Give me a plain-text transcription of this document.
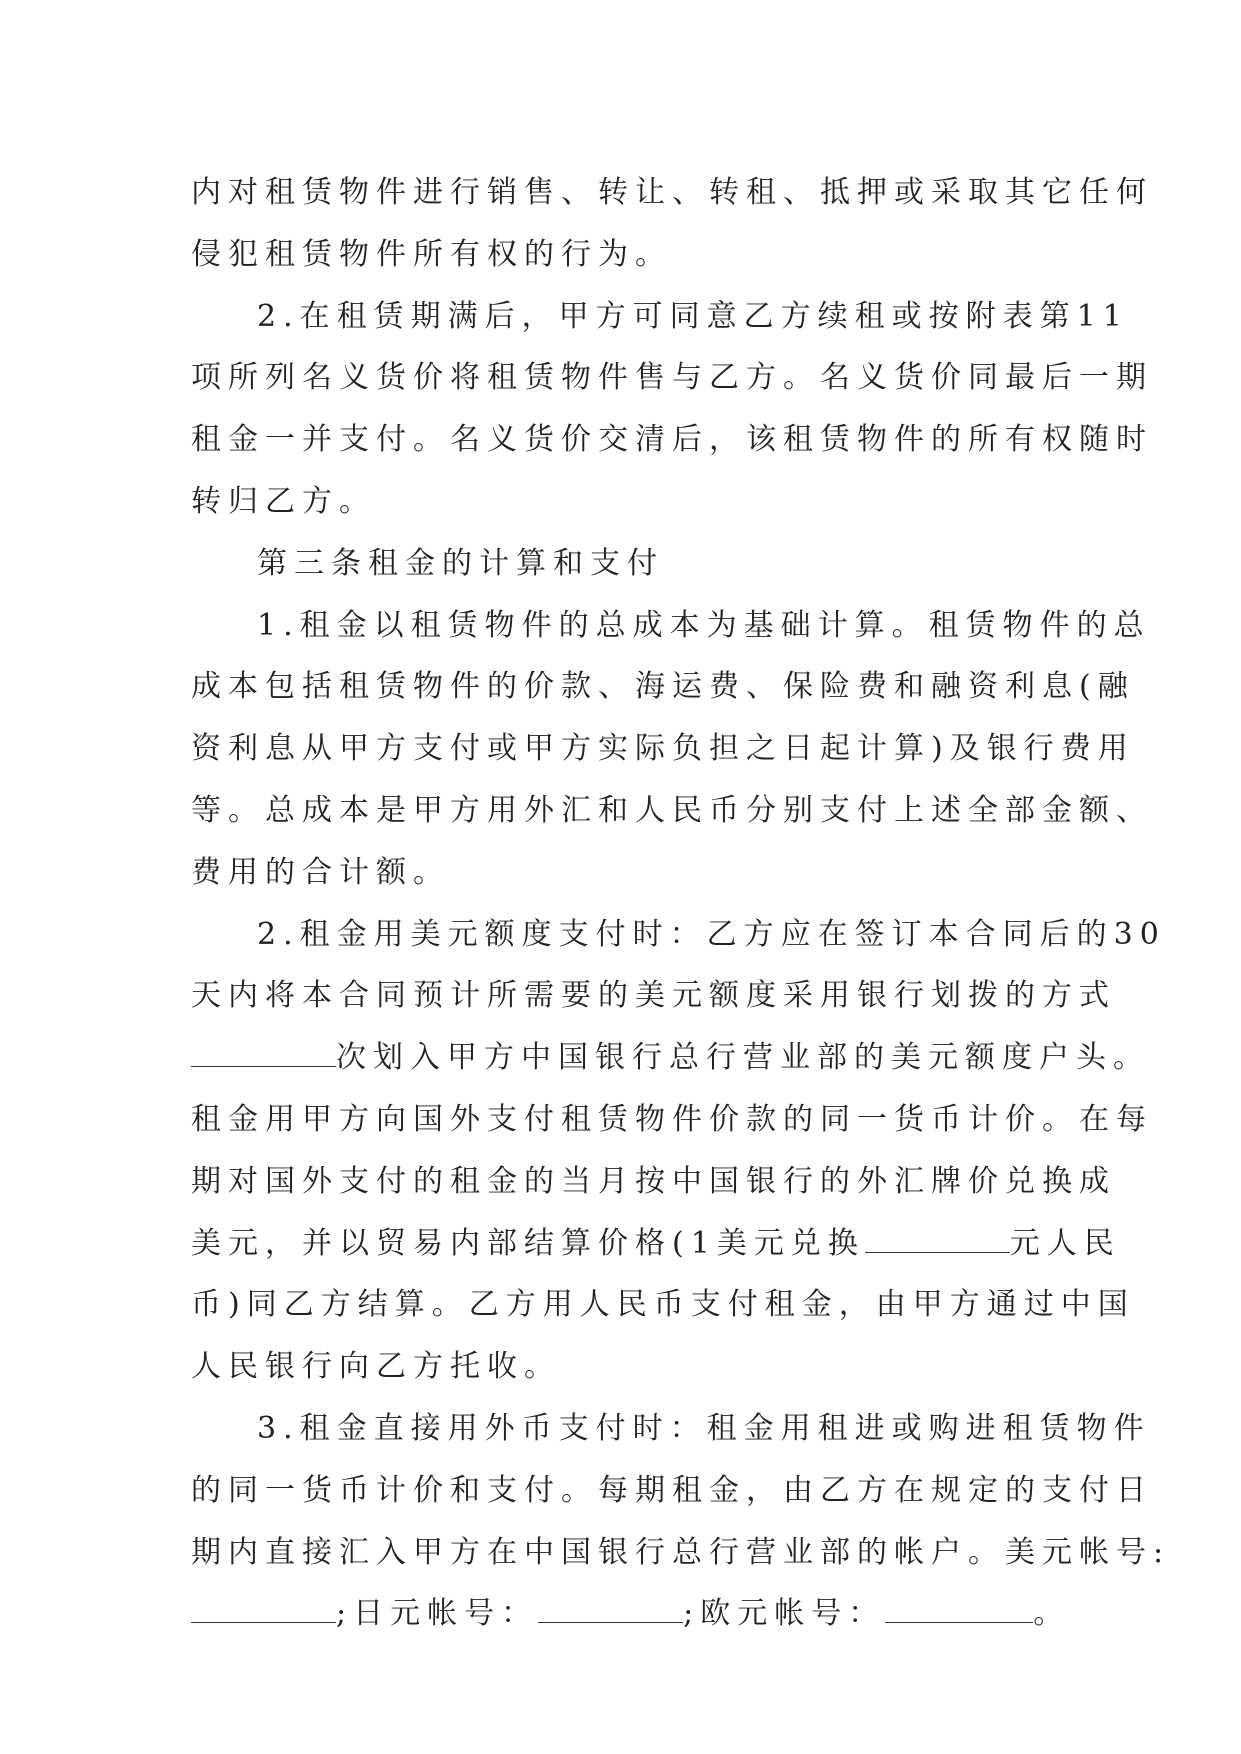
内对租赁物件进行销售、转让、转租、抵押或采取其它任何
侵犯租赁物件所有权的行为。
2.在租赁期满后，甲方可同意乙方续租或按附表第11
项所列名义货价将租赁物件售与乙方。名义货价同最后一期
租金一并支付。名义货价交清后，该租赁物件的所有权随时
转归乙方。
第三条租金的计算和支付
1.租金以租赁物件的总成本为基础计算。租赁物件的总
成本包括租赁物件的价款、海运费、保险费和融资利息(融
资利息从甲方支付或甲方实际负担之日起计算)及银行费用
等。总成本是甲方用外汇和人民币分别支付上述全部金额、
费用的合计额。
2.租金用美元额度支付时：乙方应在签订本合同后的30
天内将本合同预计所需要的美元额度采用银行划拨的方式
次划入甲方中国银行总行营业部的美元额度户头。
租金用甲方向国外支付租赁物件价款的同一货币计价。在每
期对国外支付的租金的当月按中国银行的外汇牌价兑换成
美元，并以贸易内部结算价格(1美元兑换	元人民
币)同乙方结算。乙方用人民币支付租金，由甲方通过中国
人民银行向乙方托收。
3.租金直接用外币支付时：租金用租进或购进租赁物件
的同一货币计价和支付。每期租金，由乙方在规定的支付日
期内直接汇入甲方在中国银行总行营业部的帐户。美元帐号:
;日元帐号：	;欧元帐号：	。
